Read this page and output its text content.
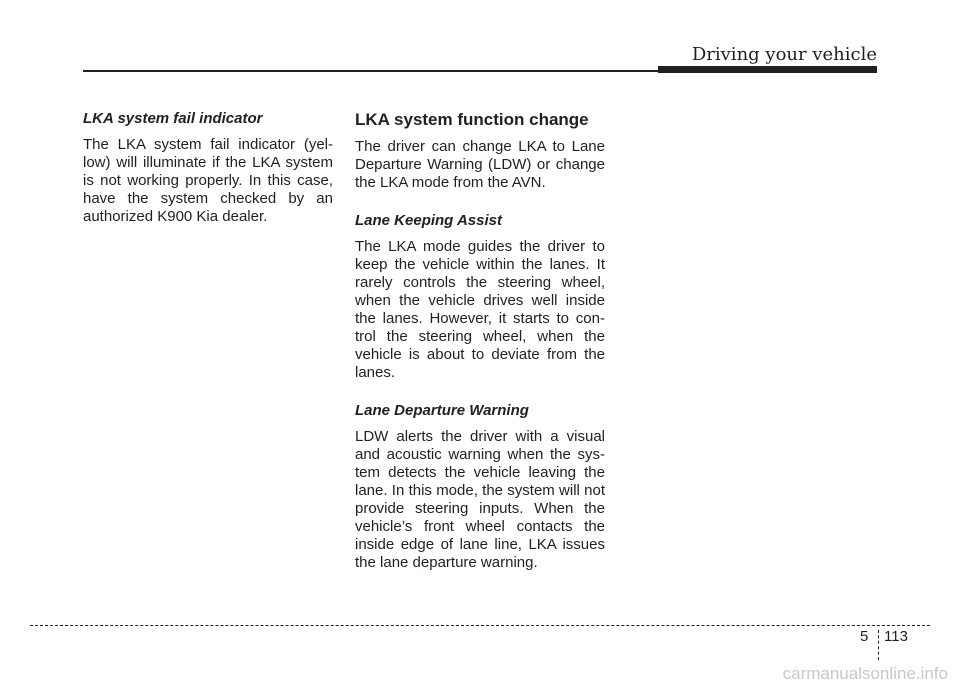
Driving your vehicle
LKA system fail indicator

The LKA system fail indicator (yel-low) will illuminate if the LKA system is not working properly. In this case, have the system checked by an authorized K900 Kia dealer.

LKA system function change

The driver can change LKA to Lane Departure Warning (LDW) or change the LKA mode from the AVN.

Lane Keeping Assist

The LKA mode guides the driver to keep the vehicle within the lanes. It rarely controls the steering wheel, when the vehicle drives well inside the lanes. However, it starts to con-trol the steering wheel, when the vehicle is about to deviate from the lanes.

Lane Departure Warning

LDW alerts the driver with a visual and acoustic warning when the sys-tem detects the vehicle leaving the lane. In this mode, the system will not provide steering inputs. When the vehicle’s front wheel contacts the inside edge of lane line, LKA issues the lane departure warning.

5 113
carmanualsonline.info
